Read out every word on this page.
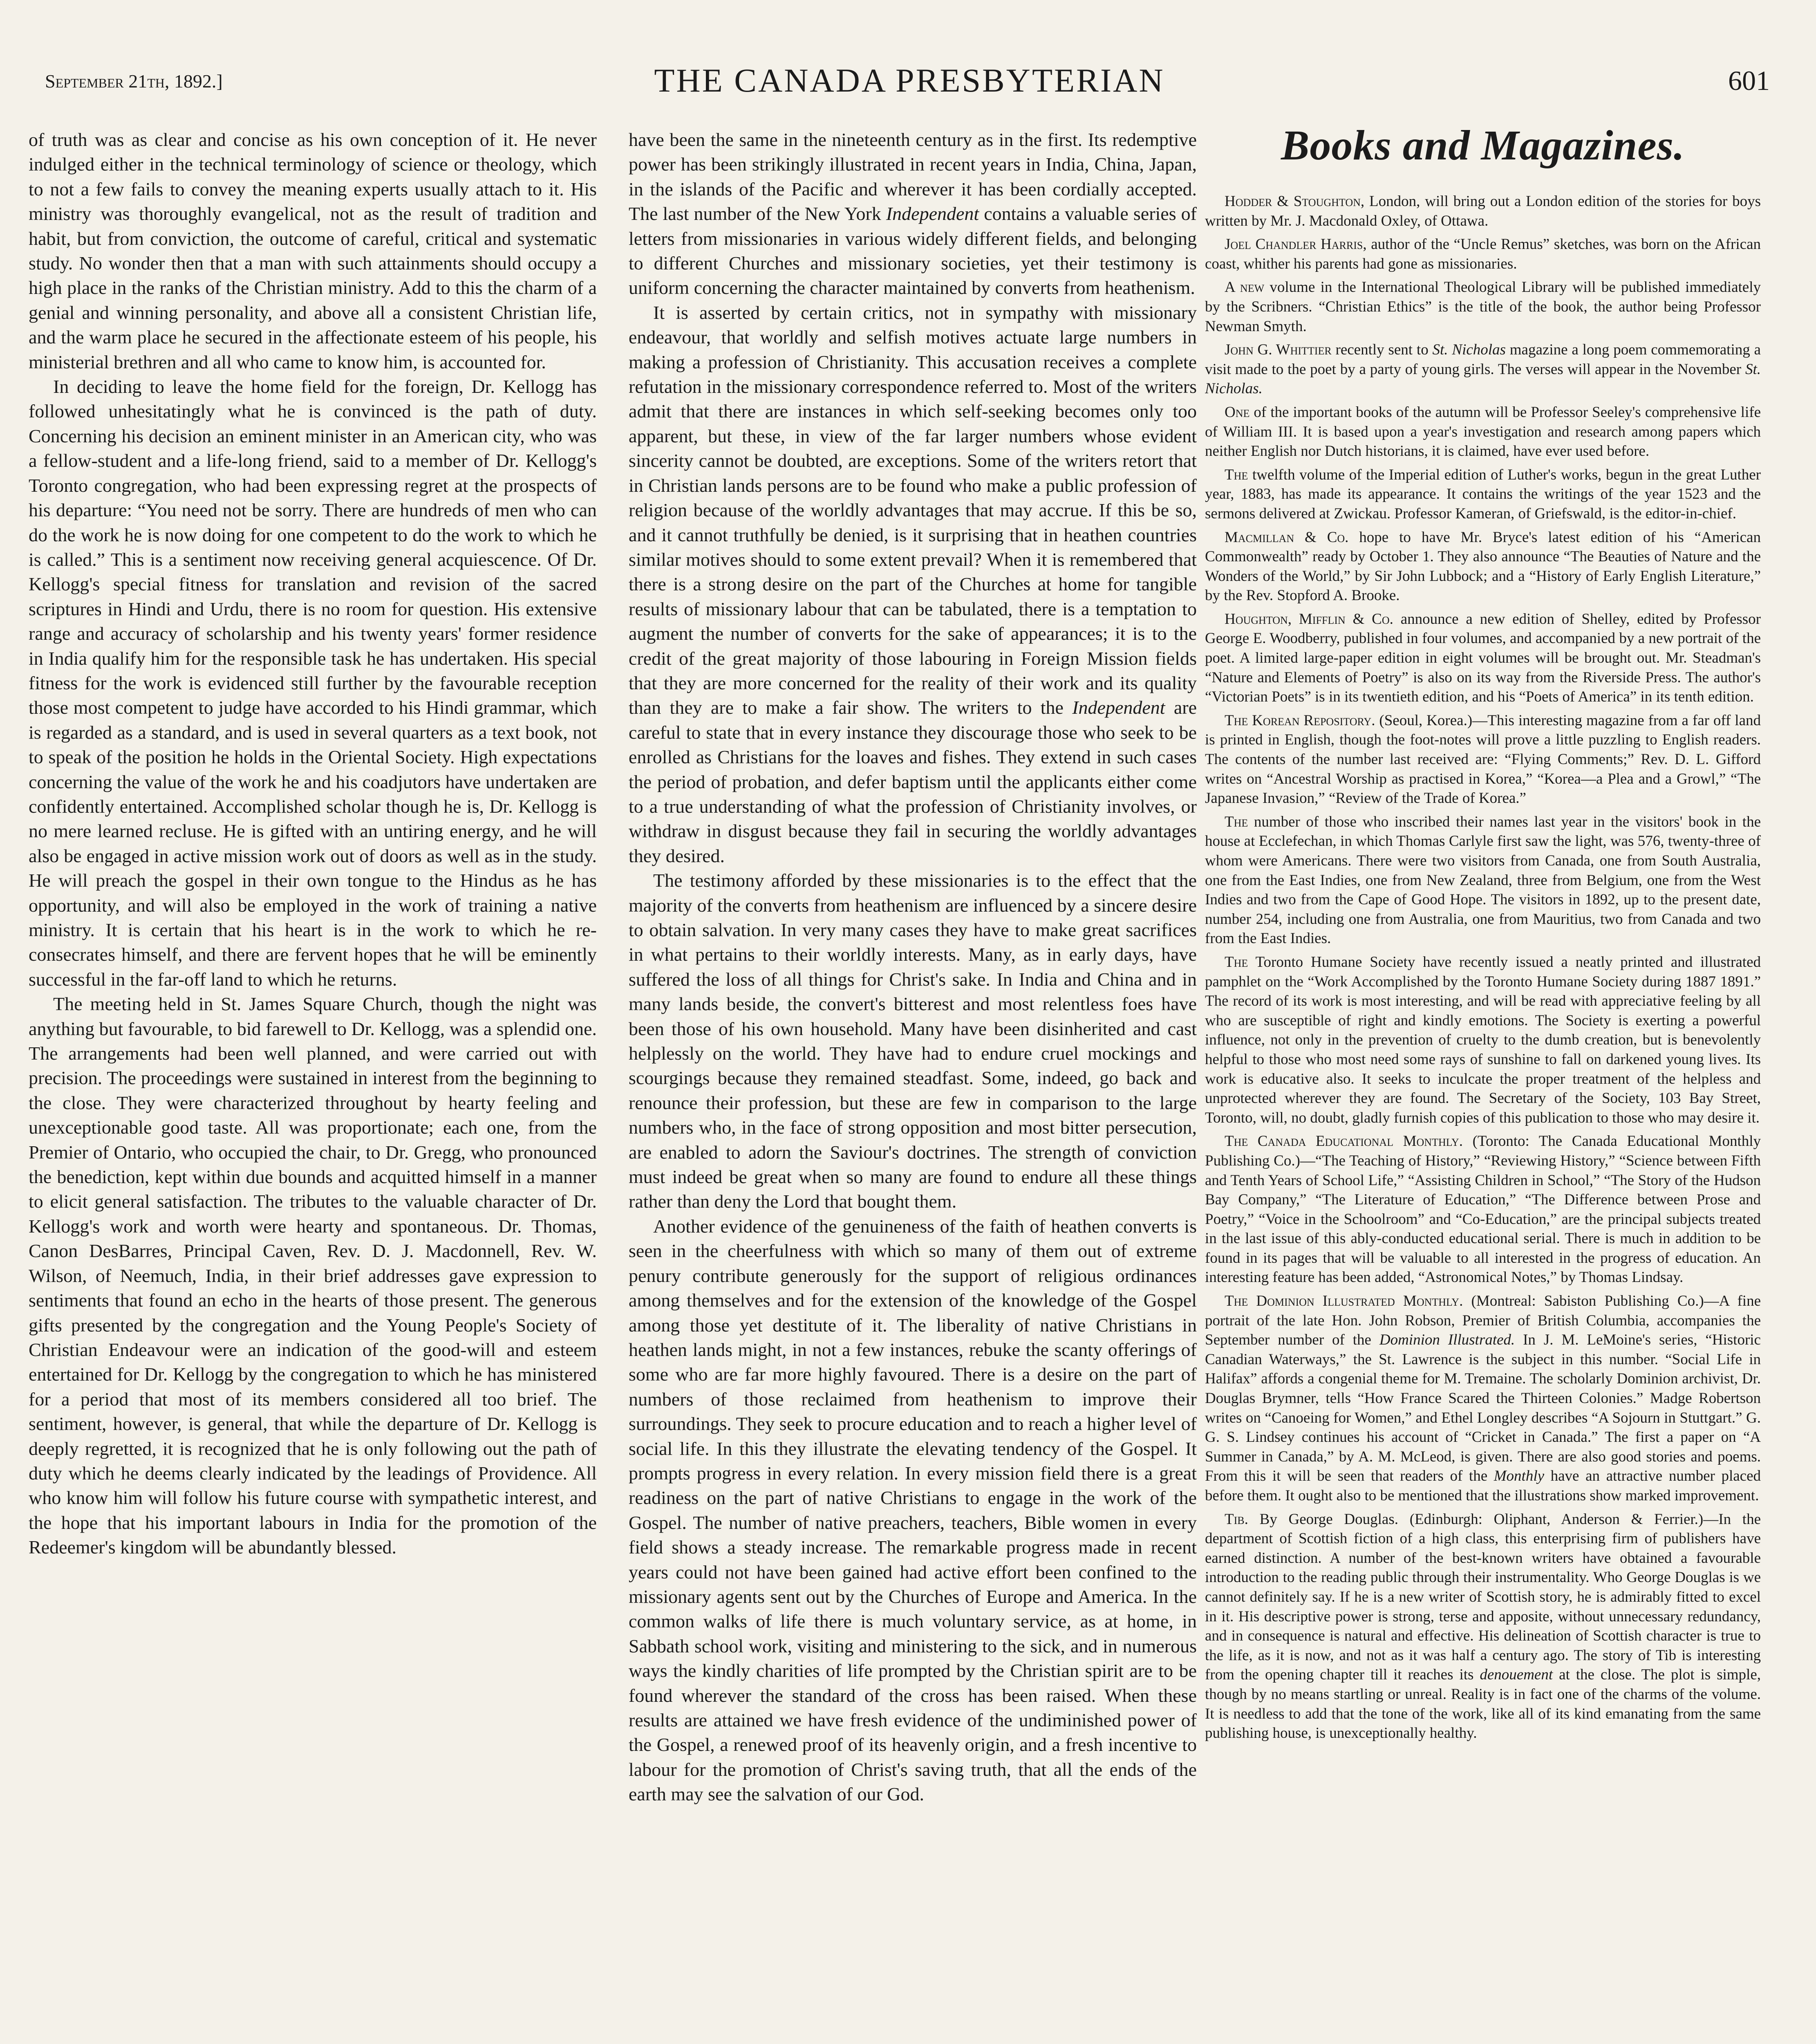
September 21th, 1892.]	THE CANADA PRESBYTERIAN	601

of truth was as clear and concise as his own conception of it. He never indulged either in the technical terminology of science or theology, which to not a few fails to convey the meaning experts usually attach to it. His ministry was thoroughly evangelical, not as the result of tradition and habit, but from conviction, the outcome of careful, critical and systematic study. No wonder then that a man with such attainments should occupy a high place in the ranks of the Christian ministry. Add to this the charm of a genial and winning personality, and above all a consistent Christian life, and the warm place he secured in the affectionate esteem of his people, his ministerial brethren and all who came to know him, is accounted for.

In deciding to leave the home field for the foreign, Dr. Kellogg has followed unhesitatingly what he is convinced is the path of duty. Concerning his decision an eminent minister in an American city, who was a fellow-student and a life-long friend, said to a member of Dr. Kellogg's Toronto congregation, who had been expressing regret at the prospects of his departure: “You need not be sorry. There are hundreds of men who can do the work he is now doing for one competent to do the work to which he is called.” This is a sentiment now receiving general acquiescence. Of Dr. Kellogg's special fitness for translation and revision of the sacred scriptures in Hindi and Urdu, there is no room for question. His extensive range and accuracy of scholarship and his twenty years' former residence in India qualify him for the responsible task he has undertaken. His special fitness for the work is evidenced still further by the favourable reception those most competent to judge have accorded to his Hindi grammar, which is regarded as a standard, and is used in several quarters as a text book, not to speak of the position he holds in the Oriental Society. High expectations concerning the value of the work he and his coadjutors have undertaken are confidently entertained. Accomplished scholar though he is, Dr. Kellogg is no mere learned recluse. He is gifted with an untiring energy, and he will also be engaged in active mission work out of doors as well as in the study. He will preach the gospel in their own tongue to the Hindus as he has opportunity, and will also be employed in the work of training a native ministry. It is certain that his heart is in the work to which he re-consecrates himself, and there are fervent hopes that he will be eminently successful in the far-off land to which he returns.

The meeting held in St. James Square Church, though the night was anything but favourable, to bid farewell to Dr. Kellogg, was a splendid one. The arrangements had been well planned, and were carried out with precision. The proceedings were sustained in interest from the beginning to the close. They were characterized throughout by hearty feeling and unexceptionable good taste. All was proportionate; each one, from the Premier of Ontario, who occupied the chair, to Dr. Gregg, who pronounced the benediction, kept within due bounds and acquitted himself in a manner to elicit general satisfaction. The tributes to the valuable character of Dr. Kellogg's work and worth were hearty and spontaneous. Dr. Thomas, Canon DesBarres, Principal Caven, Rev. D. J. Macdonnell, Rev. W. Wilson, of Neemuch, India, in their brief addresses gave expression to sentiments that found an echo in the hearts of those present. The generous gifts presented by the congregation and the Young People's Society of Christian Endeavour were an indication of the good-will and esteem entertained for Dr. Kellogg by the congregation to which he has ministered for a period that most of its members considered all too brief. The sentiment, however, is general, that while the departure of Dr. Kellogg is deeply regretted, it is recognized that he is only following out the path of duty which he deems clearly indicated by the leadings of Providence. All who know him will follow his future course with sympathetic interest, and the hope that his important labours in India for the promotion of the Redeemer's kingdom will be abundantly blessed.

have been the same in the nineteenth century as in the first. Its redemptive power has been strikingly illustrated in recent years in India, China, Japan, in the islands of the Pacific and wherever it has been cordially accepted. The last number of the New York Independent contains a valuable series of letters from missionaries in various widely different fields, and belonging to different Churches and missionary societies, yet their testimony is uniform concerning the character maintained by converts from heathenism.

It is asserted by certain critics, not in sympathy with missionary endeavour, that worldly and selfish motives actuate large numbers in making a profession of Christianity. This accusation receives a complete refutation in the missionary correspondence referred to. Most of the writers admit that there are instances in which self-seeking becomes only too apparent, but these, in view of the far larger numbers whose evident sincerity cannot be doubted, are exceptions. Some of the writers retort that in Christian lands persons are to be found who make a public profession of religion because of the worldly advantages that may accrue. If this be so, and it cannot truthfully be denied, is it surprising that in heathen countries similar motives should to some extent prevail? When it is remembered that there is a strong desire on the part of the Churches at home for tangible results of missionary labour that can be tabulated, there is a temptation to augment the number of converts for the sake of appearances; it is to the credit of the great majority of those labouring in Foreign Mission fields that they are more concerned for the reality of their work and its quality than they are to make a fair show. The writers to the Independent are careful to state that in every instance they discourage those who seek to be enrolled as Christians for the loaves and fishes. They extend in such cases the period of probation, and defer baptism until the applicants either come to a true understanding of what the profession of Christianity involves, or withdraw in disgust because they fail in securing the worldly advantages they desired.

The testimony afforded by these missionaries is to the effect that the majority of the converts from heathenism are influenced by a sincere desire to obtain salvation. In very many cases they have to make great sacrifices in what pertains to their worldly interests. Many, as in early days, have suffered the loss of all things for Christ's sake. In India and China and in many lands beside, the convert's bitterest and most relentless foes have been those of his own household. Many have been disinherited and cast helplessly on the world. They have had to endure cruel mockings and scourgings because they remained steadfast. Some, indeed, go back and renounce their profession, but these are few in comparison to the large numbers who, in the face of strong opposition and most bitter persecution, are enabled to adorn the Saviour's doctrines. The strength of conviction must indeed be great when so many are found to endure all these things rather than deny the Lord that bought them.

Another evidence of the genuineness of the faith of heathen converts is seen in the cheerfulness with which so many of them out of extreme penury contribute generously for the support of religious ordinances among themselves and for the extension of the knowledge of the Gospel among those yet destitute of it. The liberality of native Christians in heathen lands might, in not a few instances, rebuke the scanty offerings of some who are far more highly favoured. There is a desire on the part of numbers of those reclaimed from heathenism to improve their surroundings. They seek to procure education and to reach a higher level of social life. In this they illustrate the elevating tendency of the Gospel. It prompts progress in every relation. In every mission field there is a great readiness on the part of native Christians to engage in the work of the Gospel. The number of native preachers, teachers, Bible women in every field shows a steady increase. The remarkable progress made in recent years could not have been gained had active effort been confined to the missionary agents sent out by the Churches of Europe and America. In the common walks of life there is much voluntary service, as at home, in Sabbath school work, visiting and ministering to the sick, and in numerous ways the kindly charities of life prompted by the Christian spirit are to be found wherever the standard of the cross has been raised. When these results are attained we have fresh evidence of the undiminished power of the Gospel, a renewed proof of its heavenly origin, and a fresh incentive to labour for the promotion of Christ's saving truth, that all the ends of the earth may see the salvation of our God.

Books and Magazines.

Hodder & Stoughton, London, will bring out a London edition of the stories for boys written by Mr. J. Macdonald Oxley, of Ottawa.

Joel Chandler Harris, author of the “Uncle Remus” sketches, was born on the African coast, whither his parents had gone as missionaries.

A new volume in the International Theological Library will be published immediately by the Scribners. “Christian Ethics” is the title of the book, the author being Professor Newman Smyth.

John G. Whittier recently sent to St. Nicholas magazine a long poem commemorating a visit made to the poet by a party of young girls. The verses will appear in the November St. Nicholas.

One of the important books of the autumn will be Professor Seeley's comprehensive life of William III. It is based upon a year's investigation and research among papers which neither English nor Dutch historians, it is claimed, have ever used before.

The twelfth volume of the Imperial edition of Luther's works, begun in the great Luther year, 1883, has made its appearance. It contains the writings of the year 1523 and the sermons delivered at Zwickau. Professor Kameran, of Griefswald, is the editor-in-chief.

Macmillan & Co. hope to have Mr. Bryce's latest edition of his “American Commonwealth” ready by October 1. They also announce “The Beauties of Nature and the Wonders of the World,” by Sir John Lubbock; and a “History of Early English Literature,” by the Rev. Stopford A. Brooke.

Houghton, Mifflin & Co. announce a new edition of Shelley, edited by Professor George E. Woodberry, published in four volumes, and accompanied by a new portrait of the poet. A limited large-paper edition in eight volumes will be brought out. Mr. Steadman's “Nature and Elements of Poetry” is also on its way from the Riverside Press. The author's “Victorian Poets” is in its twentieth edition, and his “Poets of America” in its tenth edition.

The Korean Repository. (Seoul, Korea.)—This interesting magazine from a far off land is printed in English, though the foot-notes will prove a little puzzling to English readers. The contents of the number last received are: “Flying Comments;” Rev. D. L. Gifford writes on “Ancestral Worship as practised in Korea,” “Korea—a Plea and a Growl,” “The Japanese Invasion,” “Review of the Trade of Korea.”

The number of those who inscribed their names last year in the visitors' book in the house at Ecclefechan, in which Thomas Carlyle first saw the light, was 576, twenty-three of whom were Americans. There were two visitors from Canada, one from South Australia, one from the East Indies, one from New Zealand, three from Belgium, one from the West Indies and two from the Cape of Good Hope. The visitors in 1892, up to the present date, number 254, including one from Australia, one from Mauritius, two from Canada and two from the East Indies.

The Toronto Humane Society have recently issued a neatly printed and illustrated pamphlet on the “Work Accomplished by the Toronto Humane Society during 1887 1891.” The record of its work is most interesting, and will be read with appreciative feeling by all who are susceptible of right and kindly emotions. The Society is exerting a powerful influence, not only in the prevention of cruelty to the dumb creation, but is benevolently helpful to those who most need some rays of sunshine to fall on darkened young lives. Its work is educative also. It seeks to inculcate the proper treatment of the helpless and unprotected wherever they are found. The Secretary of the Society, 103 Bay Street, Toronto, will, no doubt, gladly furnish copies of this publication to those who may desire it.

The Canada Educational Monthly. (Toronto: The Canada Educational Monthly Publishing Co.)—“The Teaching of History,” “Reviewing History,” “Science between Fifth and Tenth Years of School Life,” “Assisting Children in School,” “The Story of the Hudson Bay Company,” “The Literature of Education,” “The Difference between Prose and Poetry,” “Voice in the Schoolroom” and “Co-Education,” are the principal subjects treated in the last issue of this ably-conducted educational serial. There is much in addition to be found in its pages that will be valuable to all interested in the progress of education. An interesting feature has been added, “Astronomical Notes,” by Thomas Lindsay.

The Dominion Illustrated Monthly. (Montreal: Sabiston Publishing Co.)—A fine portrait of the late Hon. John Robson, Premier of British Columbia, accompanies the September number of the Dominion Illustrated. In J. M. LeMoine's series, “Historic Canadian Waterways,” the St. Lawrence is the subject in this number. “Social Life in Halifax” affords a congenial theme for M. Tremaine. The scholarly Dominion archivist, Dr. Douglas Brymner, tells “How France Scared the Thirteen Colonies.” Madge Robertson writes on “Canoeing for Women,” and Ethel Longley describes “A Sojourn in Stuttgart.” G. G. S. Lindsey continues his account of “Cricket in Canada.” The first a paper on “A Summer in Canada,” by A. M. McLeod, is given. There are also good stories and poems. From this it will be seen that readers of the Monthly have an attractive number placed before them. It ought also to be mentioned that the illustrations show marked improvement.

Tib. By George Douglas. (Edinburgh: Oliphant, Anderson & Ferrier.)—In the department of Scottish fiction of a high class, this enterprising firm of publishers have earned distinction. A number of the best-known writers have obtained a favourable introduction to the reading public through their instrumentality. Who George Douglas is we cannot definitely say. If he is a new writer of Scottish story, he is admirably fitted to excel in it. His descriptive power is strong, terse and apposite, without unnecessary redundancy, and in consequence is natural and effective. His delineation of Scottish character is true to the life, as it is now, and not as it was half a century ago. The story of Tib is interesting from the opening chapter till it reaches its denouement at the close. The plot is simple, though by no means startling or unreal. Reality is in fact one of the charms of the volume. It is needless to add that the tone of the work, like all of its kind emanating from the same publishing house, is unexceptionally healthy.
